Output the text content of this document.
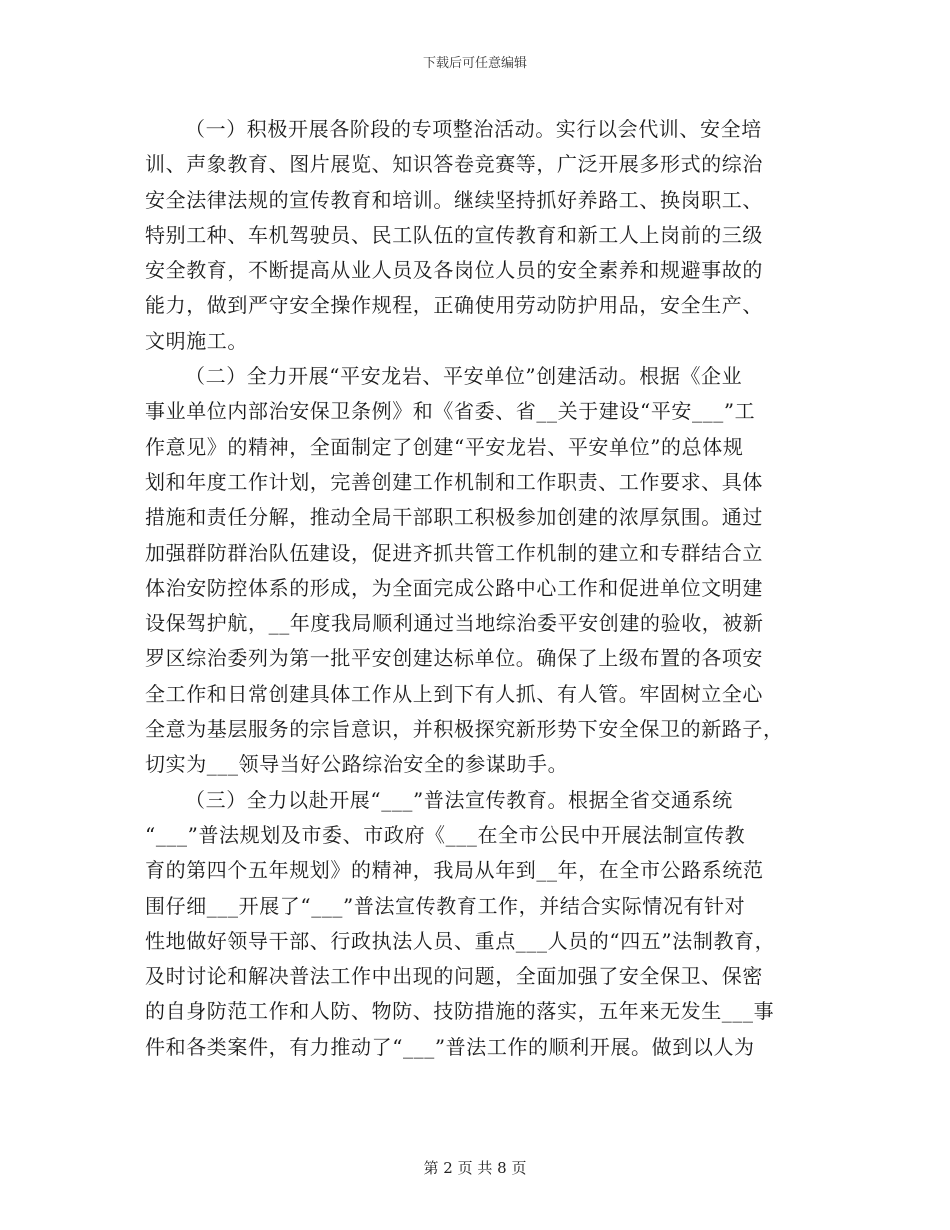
下载后可任意编辑
（一）积极开展各阶段的专项整治活动。实行以会代训、安全培
训、声象教育、图片展览、知识答卷竞赛等，广泛开展多形式的综治
安全法律法规的宣传教育和培训。继续坚持抓好养路工、换岗职工、
特别工种、车机驾驶员、民工队伍的宣传教育和新工人上岗前的三级
安全教育，不断提高从业人员及各岗位人员的安全素养和规避事故的
能力，做到严守安全操作规程，正确使用劳动防护用品，安全生产、
文明施工。
（二）全力开展“平安龙岩、平安单位”创建活动。根据《企业
事业单位内部治安保卫条例》和《省委、省__关于建设“平安___”工
作意见》的精神，全面制定了创建“平安龙岩、平安单位”的总体规
划和年度工作计划，完善创建工作机制和工作职责、工作要求、具体
措施和责任分解，推动全局干部职工积极参加创建的浓厚氛围。通过
加强群防群治队伍建设，促进齐抓共管工作机制的建立和专群结合立
体治安防控体系的形成，为全面完成公路中心工作和促进单位文明建
设保驾护航，__年度我局顺利通过当地综治委平安创建的验收，被新
罗区综治委列为第一批平安创建达标单位。确保了上级布置的各项安
全工作和日常创建具体工作从上到下有人抓、有人管。牢固树立全心
全意为基层服务的宗旨意识，并积极探究新形势下安全保卫的新路子，
切实为___领导当好公路综治安全的参谋助手。
（三）全力以赴开展“___”普法宣传教育。根据全省交通系统
“___”普法规划及市委、市政府《___在全市公民中开展法制宣传教
育的第四个五年规划》的精神，我局从年到__年，在全市公路系统范
围仔细___开展了“___”普法宣传教育工作，并结合实际情况有针对
性地做好领导干部、行政执法人员、重点___人员的“四五”法制教育，
及时讨论和解决普法工作中出现的问题，全面加强了安全保卫、保密
的自身防范工作和人防、物防、技防措施的落实，五年来无发生___事
件和各类案件，有力推动了“___”普法工作的顺利开展。做到以人为
第 2 页 共 8 页
